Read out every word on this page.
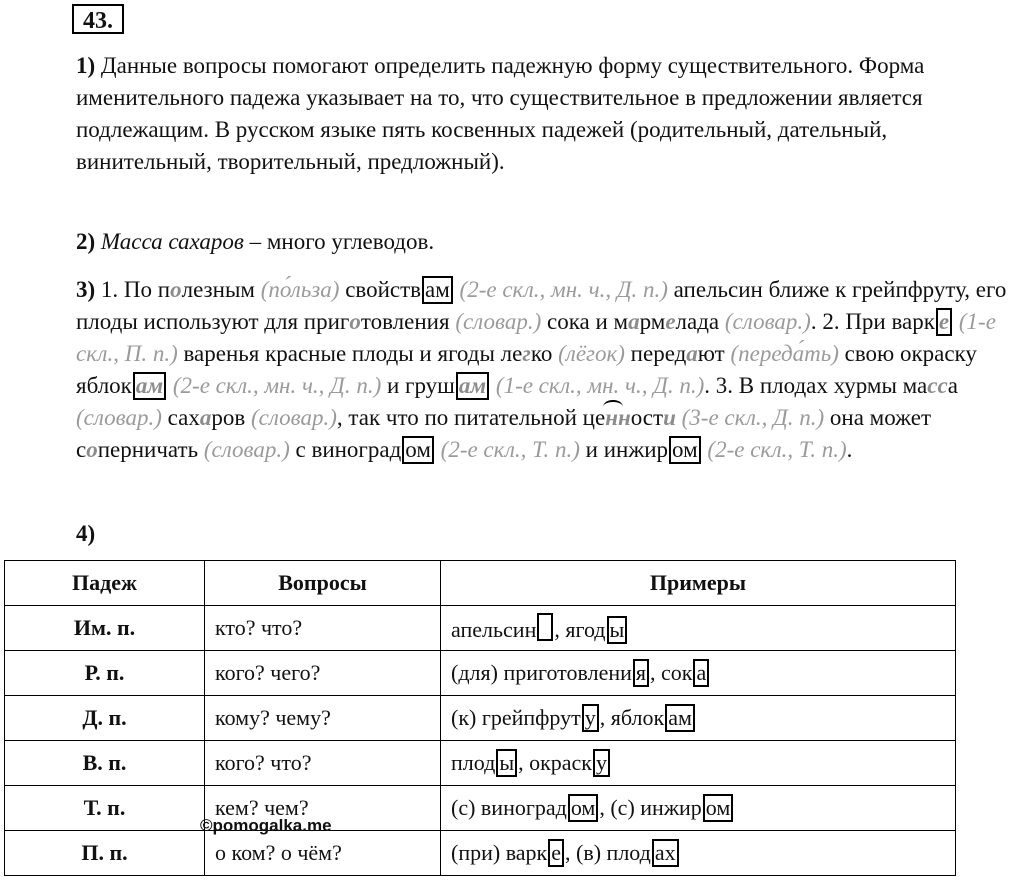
43.
1) Данные вопросы помогают определить падежную форму существительного. Форма именительного падежа указывает на то, что существительное в предложении является подлежащим. В русском языке пять косвенных падежей (родительный, дательный, винительный, творительный, предложный).
2) Масса сахаров – много углеводов.
3) 1. По полезным (по́льза) свойств ам (2-е скл., мн. ч., Д. п.) апельсин ближе к грейпфруту, его плоды используют для приготовления (словар.) сока и мармелада (словар.). 2. При варк е (1-е скл., П. п.) варенья красные плоды и ягоды легко (лёгок) передают (переда́ть) свою окраску яблок ам (2-е скл., мн. ч., Д. п.) и груш ам (1-е скл., мн. ч., Д. п.). 3. В плодах хурмы масса (словар.) сахаров (словар.), так что по питательной ценности (3-е скл., Д. п.) она может соперничать (словар.) с виноград ом (2-е скл., Т. п.) и инжир ом (2-е скл., Т. п.).
4)
Падеж	Вопросы	Примеры
Им. п.	кто? что?	апельсин , ягод ы
Р. п.	кого? чего?	(для) приготовлени я , сок а
Д. п.	кому? чему?	(к) грейпфрут у , яблок ам
В. п.	кого? что?	плод ы , окраск у
Т. п.	кем? чем?	(с) виноград ом , (с) инжир ом
П. п.	о ком? о чём?	(при) варк е , (в) плод ах
©pomogalka.me
